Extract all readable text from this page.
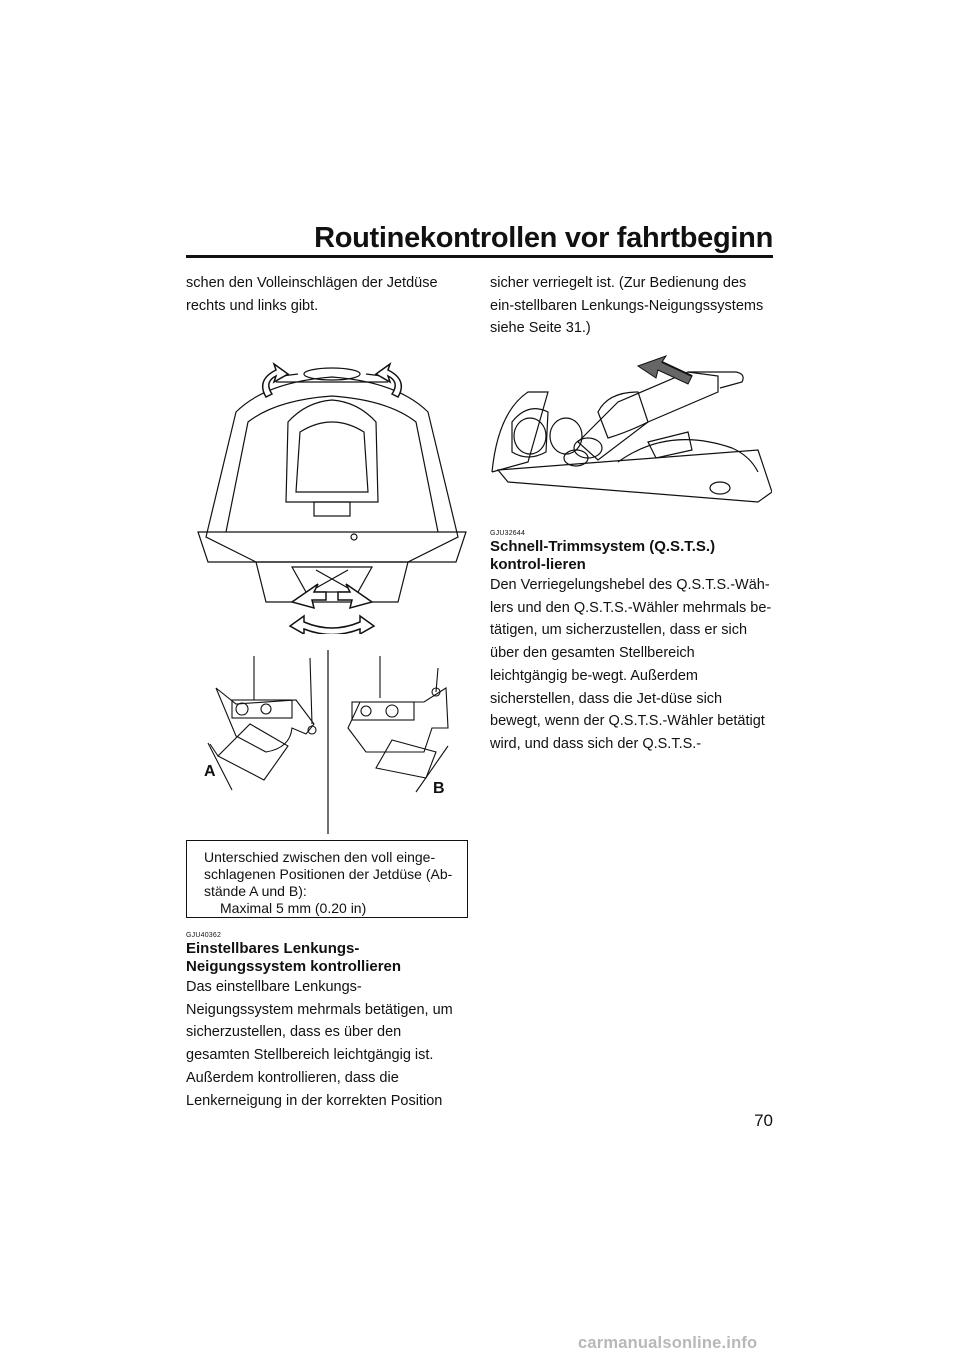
Routinekontrollen vor fahrtbeginn

schen den Volleinschlägen der Jetdüse rechts und links gibt.

A
B
Unterschied zwischen den voll einge-
schlagenen Positionen der Jetdüse (Ab-
stände A und B):
Maximal 5 mm (0.20 in)
GJU40362

Einstellbares Lenkungs-Neigungssystem kontrollieren

Das einstellbare Lenkungs-Neigungssystem mehrmals betätigen, um sicherzustellen, dass es über den gesamten Stellbereich leichtgängig ist. Außerdem kontrollieren, dass die Lenkerneigung in der korrekten Position

sicher verriegelt ist. (Zur Bedienung des ein-stellbaren Lenkungs-Neigungssystems siehe Seite 31.)

GJU32644

Schnell-Trimmsystem (Q.S.T.S.) kontrol-lieren

Den Verriegelungshebel des Q.S.T.S.-Wäh-lers und den Q.S.T.S.-Wähler mehrmals be-tätigen, um sicherzustellen, dass er sich über den gesamten Stellbereich leichtgängig be-wegt. Außerdem sicherstellen, dass die Jet-düse sich bewegt, wenn der Q.S.T.S.-Wähler betätigt wird, und dass sich der Q.S.T.S.-

70
carmanualsonline.info
